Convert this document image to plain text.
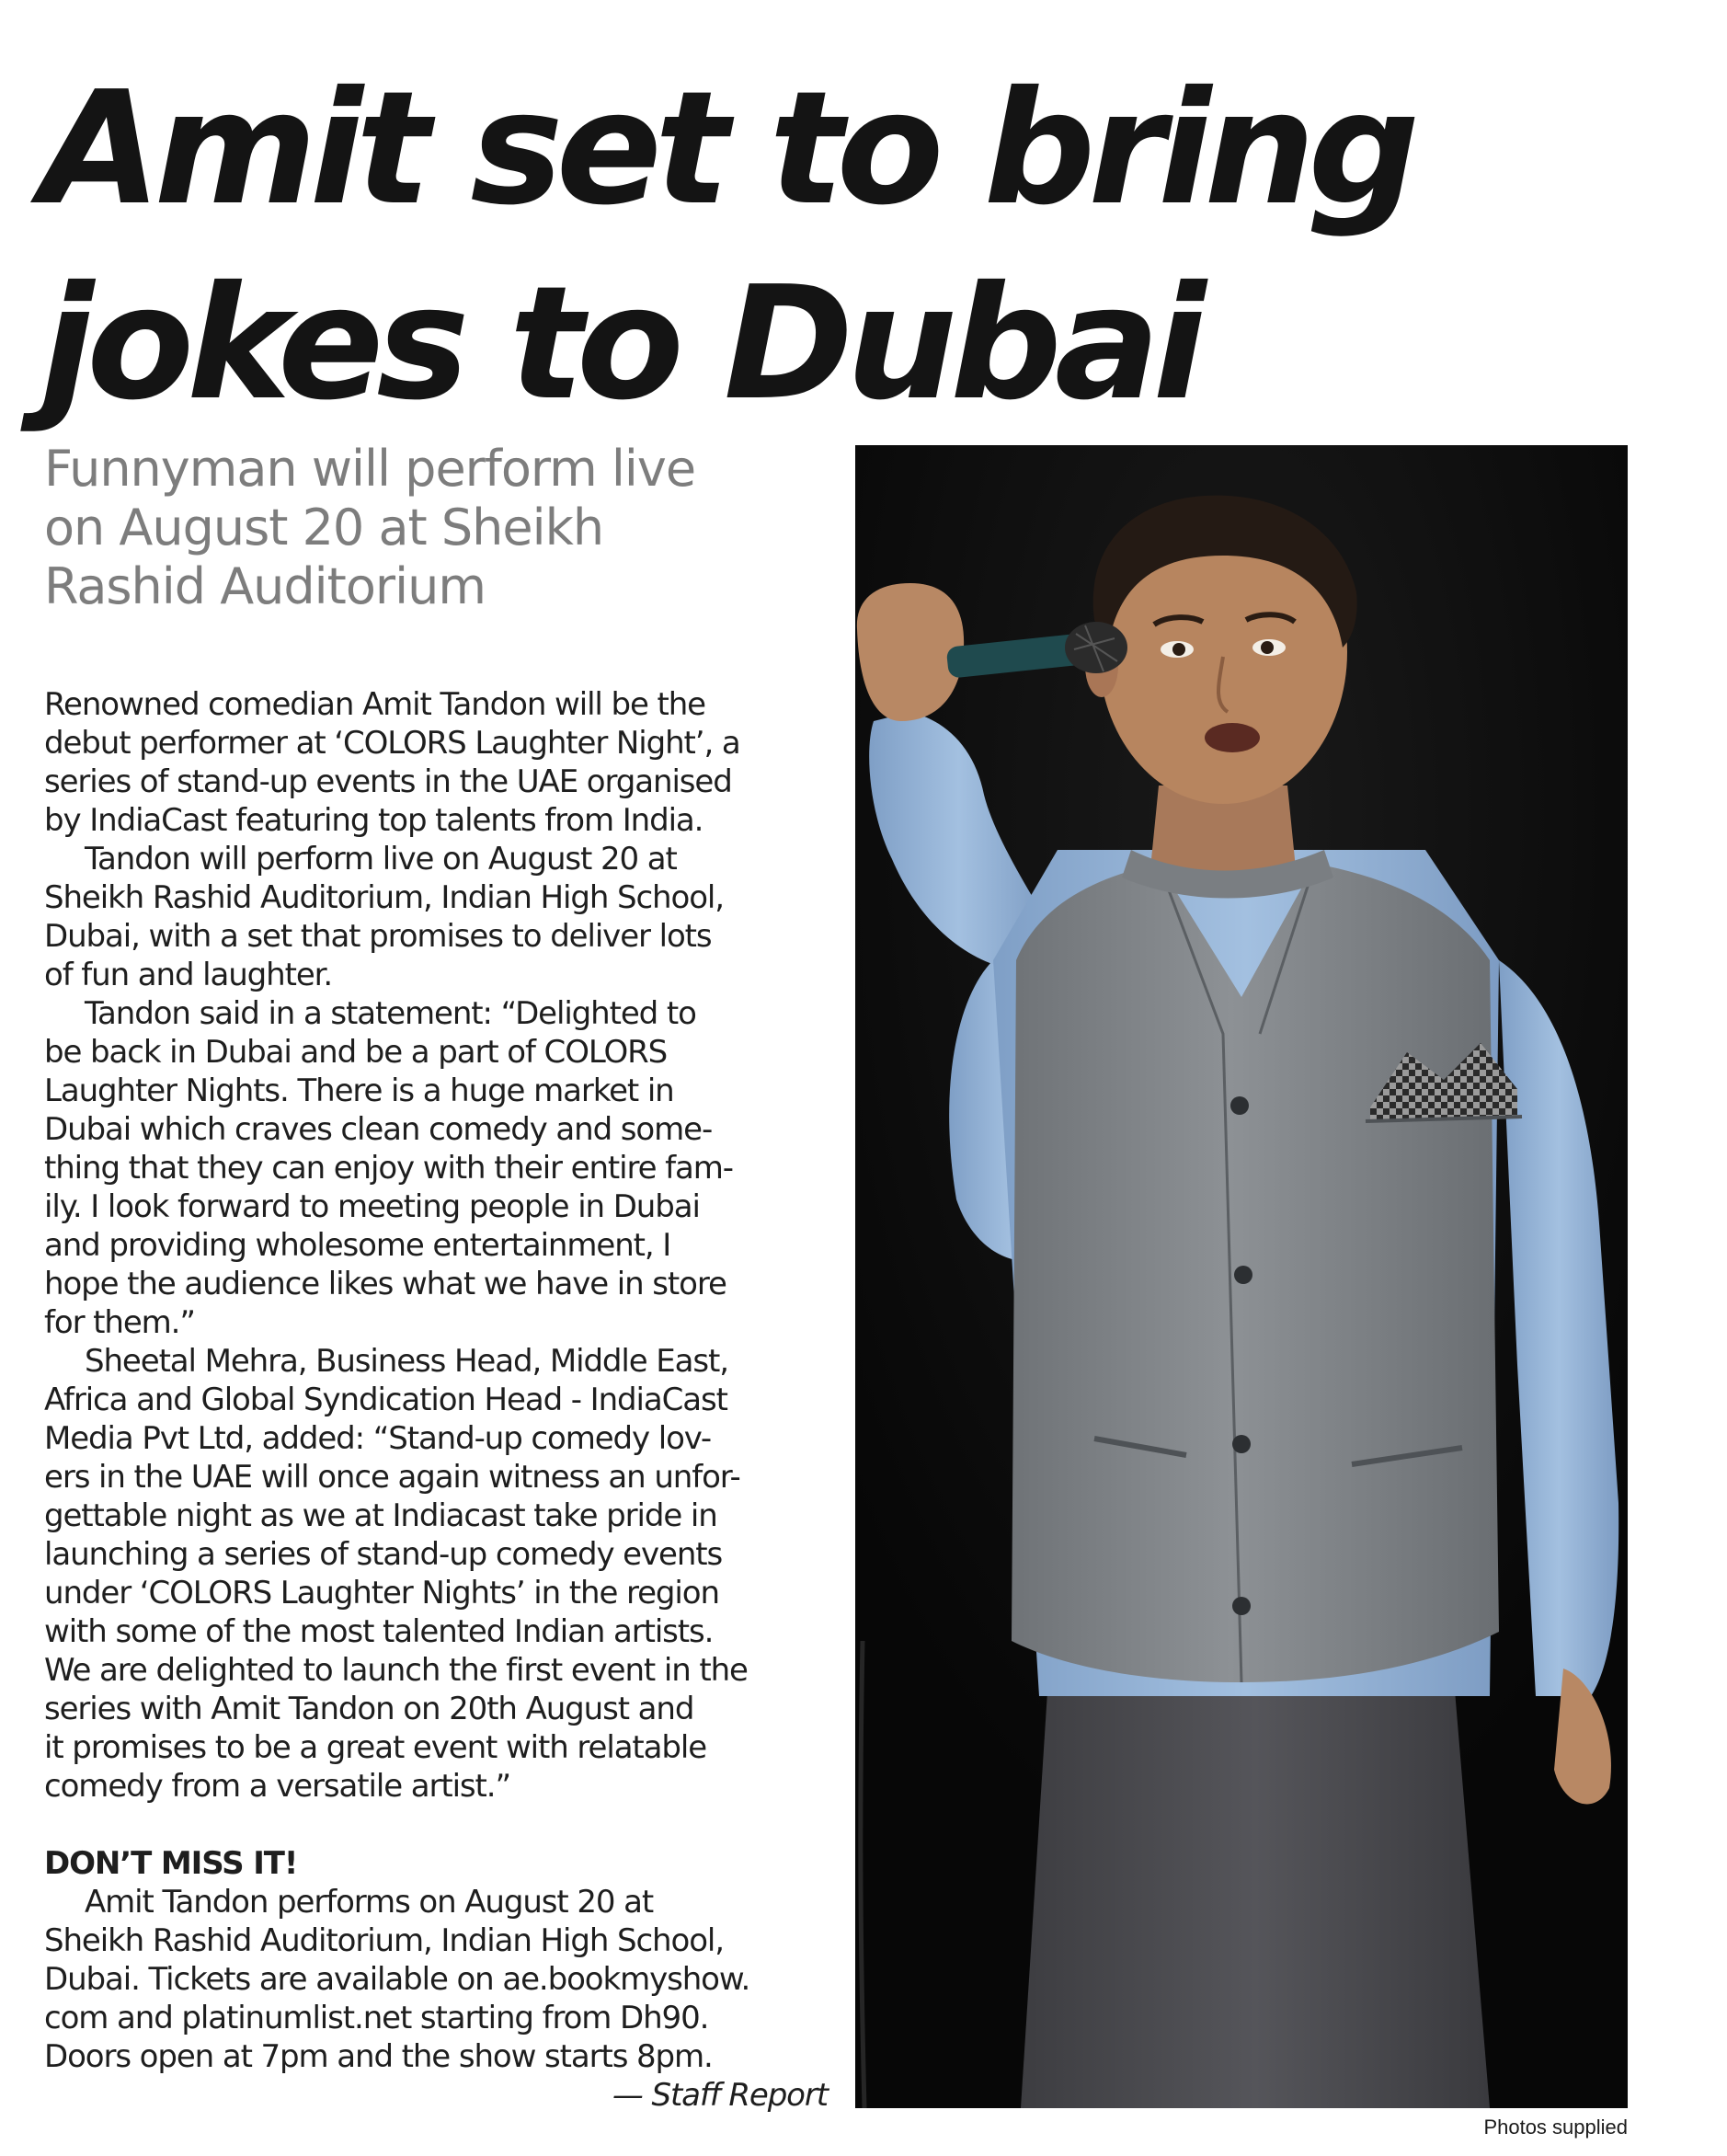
Amit set to bring
jokes to Dubai
Funnyman will perform live
on August 20 at Sheikh
Rashid Auditorium

Renowned comedian Amit Tandon will be the
debut performer at ‘COLORS Laughter Night’, a
series of stand-up events in the UAE organised
by IndiaCast featuring top talents from India.

Tandon will perform live on August 20 at
Sheikh Rashid Auditorium, Indian High School,
Dubai, with a set that promises to deliver lots
of fun and laughter.

Tandon said in a statement: “Delighted to
be back in Dubai and be a part of COLORS
Laughter Nights. There is a huge market in
Dubai which craves clean comedy and some-
thing that they can enjoy with their entire fam-
ily. I look forward to meeting people in Dubai
and providing wholesome entertainment, I
hope the audience likes what we have in store
for them.”

Sheetal Mehra, Business Head, Middle East,
Africa and Global Syndication Head - IndiaCast
Media Pvt Ltd, added: “Stand-up comedy lov-
ers in the UAE will once again witness an unfor-
gettable night as we at Indiacast take pride in
launching a series of stand-up comedy events
under ‘COLORS Laughter Nights’ in the region
with some of the most talented Indian artists.
We are delighted to launch the first event in the
series with Amit Tandon on 20th August and
it promises to be a great event with relatable
comedy from a versatile artist.”

DON’T MISS IT!

Amit Tandon performs on August 20 at
Sheikh Rashid Auditorium, Indian High School,
Dubai. Tickets are available on ae.bookmyshow.
com and platinumlist.net starting from Dh90.
Doors open at 7pm and the show starts 8pm.

— Staff Report
Photos supplied
